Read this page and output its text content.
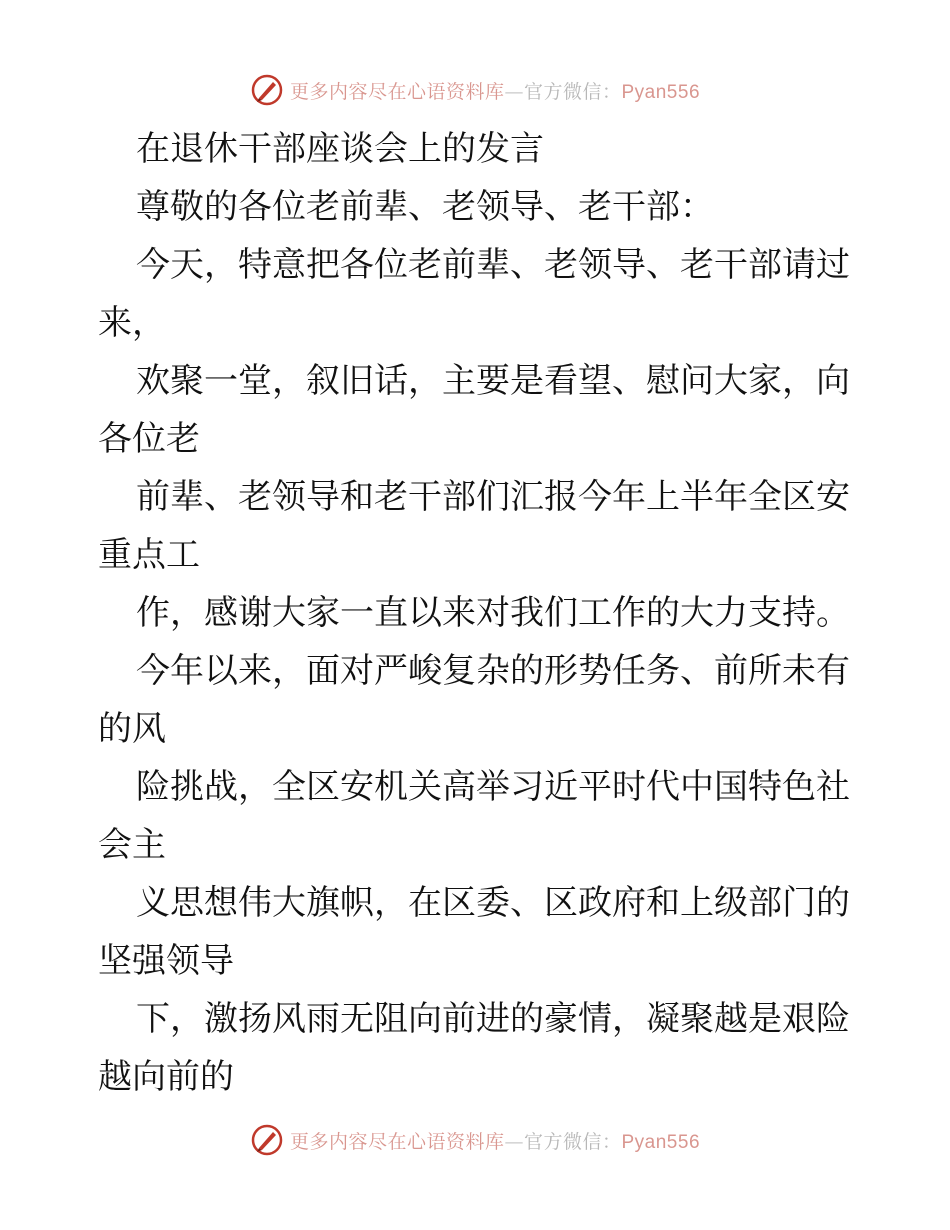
更多内容尽在心语资料库—官方微信：Pyan556
在退休干部座谈会上的发言
尊敬的各位老前辈、老领导、老干部：
今天，特意把各位老前辈、老领导、老干部请过
来，
欢聚一堂，叙旧话，主要是看望、慰问大家，向
各位老
前辈、老领导和老干部们汇报今年上半年全区安
重点工
作，感谢大家一直以来对我们工作的大力支持。
今年以来，面对严峻复杂的形势任务、前所未有
的风
险挑战，全区安机关高举习近平时代中国特色社
会主
义思想伟大旗帜，在区委、区政府和上级部门的
坚强领导
下，激扬风雨无阻向前进的豪情，凝聚越是艰险
越向前的
更多内容尽在心语资料库—官方微信：Pyan556
